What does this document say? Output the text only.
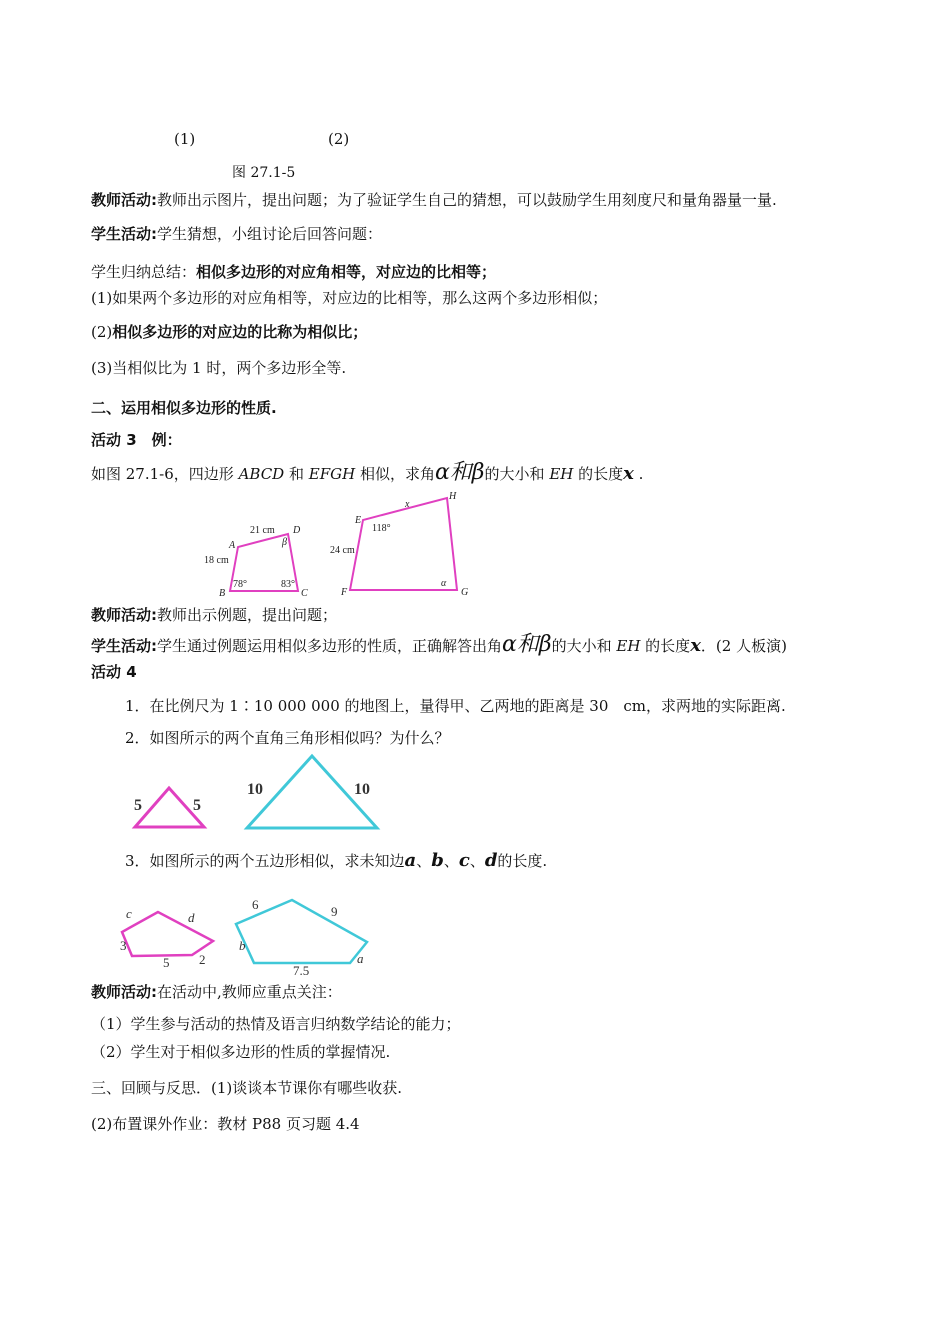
(1)	(2)
图 27.1-5
教师活动:教师出示图片，提出问题；为了验证学生自己的猜想，可以鼓励学生用刻度尺和量角器量一量.
学生活动:学生猜想，小组讨论后回答问题：
学生归纳总结：相似多边形的对应角相等，对应边的比相等；
(1)如果两个多边形的对应角相等，对应边的比相等，那么这两个多边形相似；
(2)相似多边形的对应边的比称为相似比；
(3)当相似比为 1 时，两个多边形全等.
二、运用相似多边形的性质.
活动 3　例：
如图 27.1-6，四边形 ABCD 和 EFGH 相似，求角α和β的大小和 EH 的长度x .
21 cm
18 cm
78°	83°
β
A
B	C
D
24 cm
118°
x
α
E
F	G
H
教师活动:教师出示例题，提出问题；
学生活动:学生通过例题运用相似多边形的性质，正确解答出角α和β的大小和 EH 的长度x．(2 人板演)
活动 4
1．在比例尺为 1∶10 000 000 的地图上，量得甲、乙两地的距离是 30　cm，求两地的实际距离.
2．如图所示的两个直角三角形相似吗？为什么？
5	5
10	10
3．如图所示的两个五边形相似，求未知边a、b、c、d的长度.
c	d
3
5 2
6	9
b
7.5
a
教师活动:在活动中,教师应重点关注：
（1）学生参与活动的热情及语言归纳数学结论的能力；
（2）学生对于相似多边形的性质的掌握情况.
三、回顾与反思．(1)谈谈本节课你有哪些收获.
(2)布置课外作业：教材 P88 页习题 4.4
